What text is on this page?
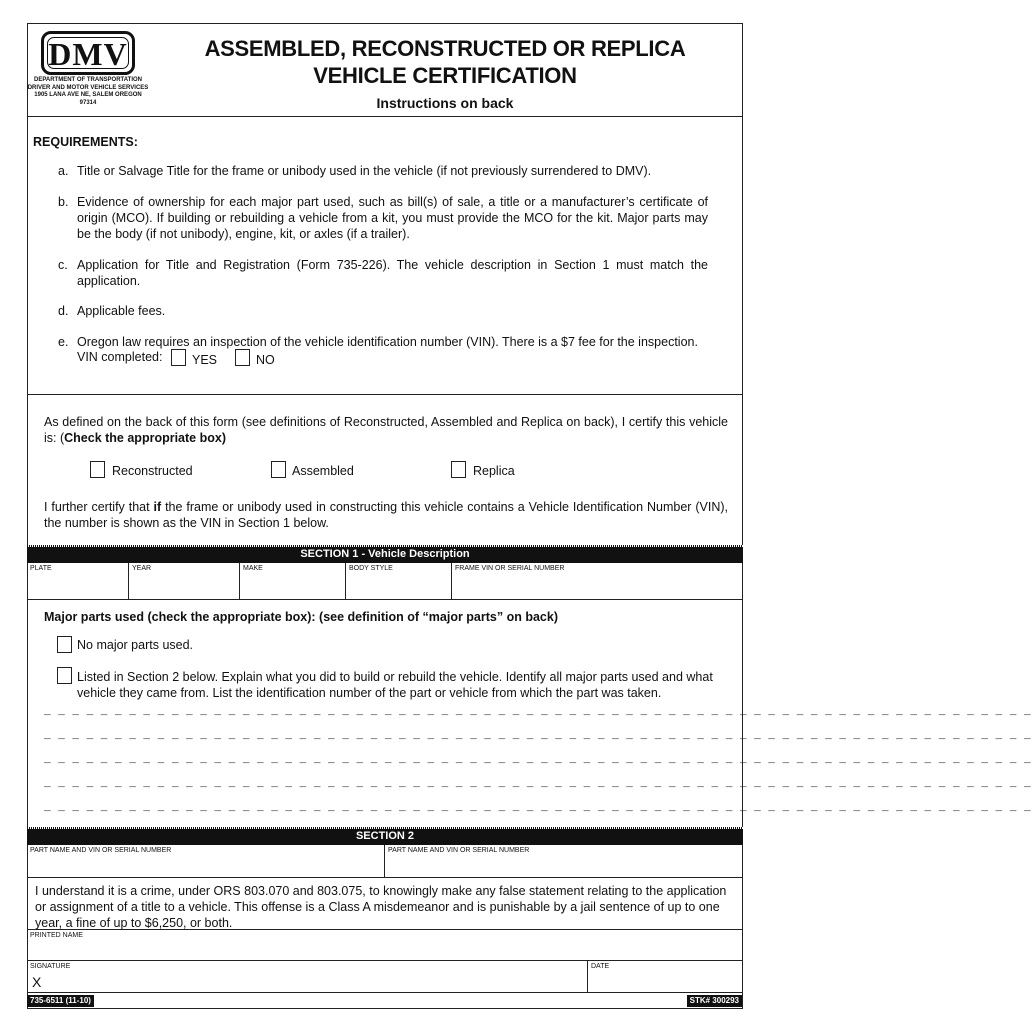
DMV
DEPARTMENT OF TRANSPORTATION
DRIVER AND MOTOR VEHICLE SERVICES
1905 LANA AVE NE, SALEM OREGON 97314
ASSEMBLED, RECONSTRUCTED OR REPLICA
VEHICLE CERTIFICATION
Instructions on back
REQUIREMENTS:
a. Title or Salvage Title for the frame or unibody used in the vehicle (if not previously surrendered to DMV).
b. Evidence of ownership for each major part used, such as bill(s) of sale, a title or a manufacturer’s certificate of origin (MCO). If building or rebuilding a vehicle from a kit, you must provide the MCO for the kit. Major parts may be the body (if not unibody), engine, kit, or axles (if a trailer).
c. Application for Title and Registration (Form 735-226). The vehicle description in Section 1 must match the application.
d. Applicable fees.
e. Oregon law requires an inspection of the vehicle identification number (VIN). There is a $7 fee for the inspection.
VIN completed: YES	NO
As defined on the back of this form (see definitions of Reconstructed, Assembled and Replica on back), I certify this vehicle is: (Check the appropriate box)
Reconstructed	Assembled	Replica
I further certify that if the frame or unibody used in constructing this vehicle contains a Vehicle Identification Number (VIN), the number is shown as the VIN in Section 1 below.
SECTION 1 - Vehicle Description
PLATE	YEAR	MAKE	BODY STYLE	FRAME VIN OR SERIAL NUMBER
Major parts used (check the appropriate box): (see definition of “major parts” on back)
No major parts used.
Listed in Section 2 below. Explain what you did to build or rebuild the vehicle. Identify all major parts used and what vehicle they came from. List the identification number of the part or vehicle from which the part was taken.
_ _ _ _ _ _ _ _ _ _ _ _ _ _ _ _ _ _ _ _ _ _ _ _ _ _ _ _ _ _ _ _ _ _ _ _ _ _ _ _ _ _ _ _ _ _ _ _ _ _ _ _ _ _ _ _ _ _ _ _ _ _ _ _ _ _ _ _ _ _
_ _ _ _ _ _ _ _ _ _ _ _ _ _ _ _ _ _ _ _ _ _ _ _ _ _ _ _ _ _ _ _ _ _ _ _ _ _ _ _ _ _ _ _ _ _ _ _ _ _ _ _ _ _ _ _ _ _ _ _ _ _ _ _ _ _ _ _ _ _
_ _ _ _ _ _ _ _ _ _ _ _ _ _ _ _ _ _ _ _ _ _ _ _ _ _ _ _ _ _ _ _ _ _ _ _ _ _ _ _ _ _ _ _ _ _ _ _ _ _ _ _ _ _ _ _ _ _ _ _ _ _ _ _ _ _ _ _ _ _
_ _ _ _ _ _ _ _ _ _ _ _ _ _ _ _ _ _ _ _ _ _ _ _ _ _ _ _ _ _ _ _ _ _ _ _ _ _ _ _ _ _ _ _ _ _ _ _ _ _ _ _ _ _ _ _ _ _ _ _ _ _ _ _ _ _ _ _ _ _
_ _ _ _ _ _ _ _ _ _ _ _ _ _ _ _ _ _ _ _ _ _ _ _ _ _ _ _ _ _ _ _ _ _ _ _ _ _ _ _ _ _ _ _ _ _ _ _ _ _ _ _ _ _ _ _ _ _ _ _ _ _ _ _ _ _ _ _ _ _
SECTION 2
PART NAME AND VIN OR SERIAL NUMBER	PART NAME AND VIN OR SERIAL NUMBER
I understand it is a crime, under ORS 803.070 and 803.075, to knowingly make any false statement relating to the application or assignment of a title to a vehicle. This offense is a Class A misdemeanor and is punishable by a jail sentence of up to one year, a fine of up to $6,250, or both.
PRINTED NAME
SIGNATURE
X
DATE
735-6511 (11-10)	STK# 300293
